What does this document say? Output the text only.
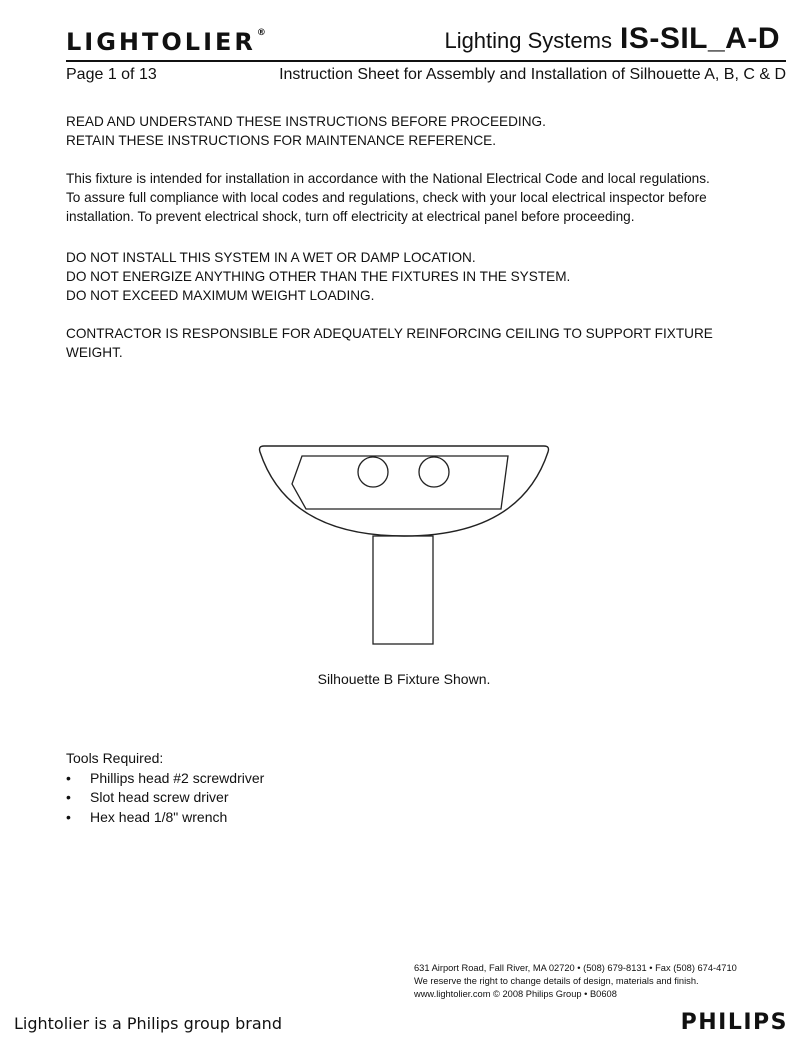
LIGHTOLIER®	Lighting Systems IS-SIL_A-D
Page 1 of 13	Instruction Sheet for Assembly and Installation of Silhouette A, B, C & D

READ AND UNDERSTAND THESE INSTRUCTIONS BEFORE PROCEEDING.

RETAIN THESE INSTRUCTIONS FOR MAINTENANCE REFERENCE.

This fixture is intended for installation in accordance with the National Electrical Code and local regulations.

To assure full compliance with local codes and regulations, check with your local electrical inspector before

installation. To prevent electrical shock, turn off electricity at electrical panel before proceeding.

DO NOT INSTALL THIS SYSTEM IN A WET OR DAMP LOCATION.

DO NOT ENERGIZE ANYTHING OTHER THAN THE FIXTURES IN THE SYSTEM.

DO NOT EXCEED MAXIMUM WEIGHT LOADING.

CONTRACTOR IS RESPONSIBLE FOR ADEQUATELY REINFORCING CEILING TO SUPPORT FIXTURE WEIGHT.

Silhouette B Fixture Shown.
Tools Required:
• Phillips head #2 screwdriver
• Slot head screw driver
• Hex head 1/8" wrench
631 Airport Road, Fall River, MA 02720 • (508) 679-8131 • Fax (508) 674-4710
We reserve the right to change details of design, materials and finish.
www.lightolier.com © 2008 Philips Group • B0608
Lightolier is a Philips group brand	PHILIPS
